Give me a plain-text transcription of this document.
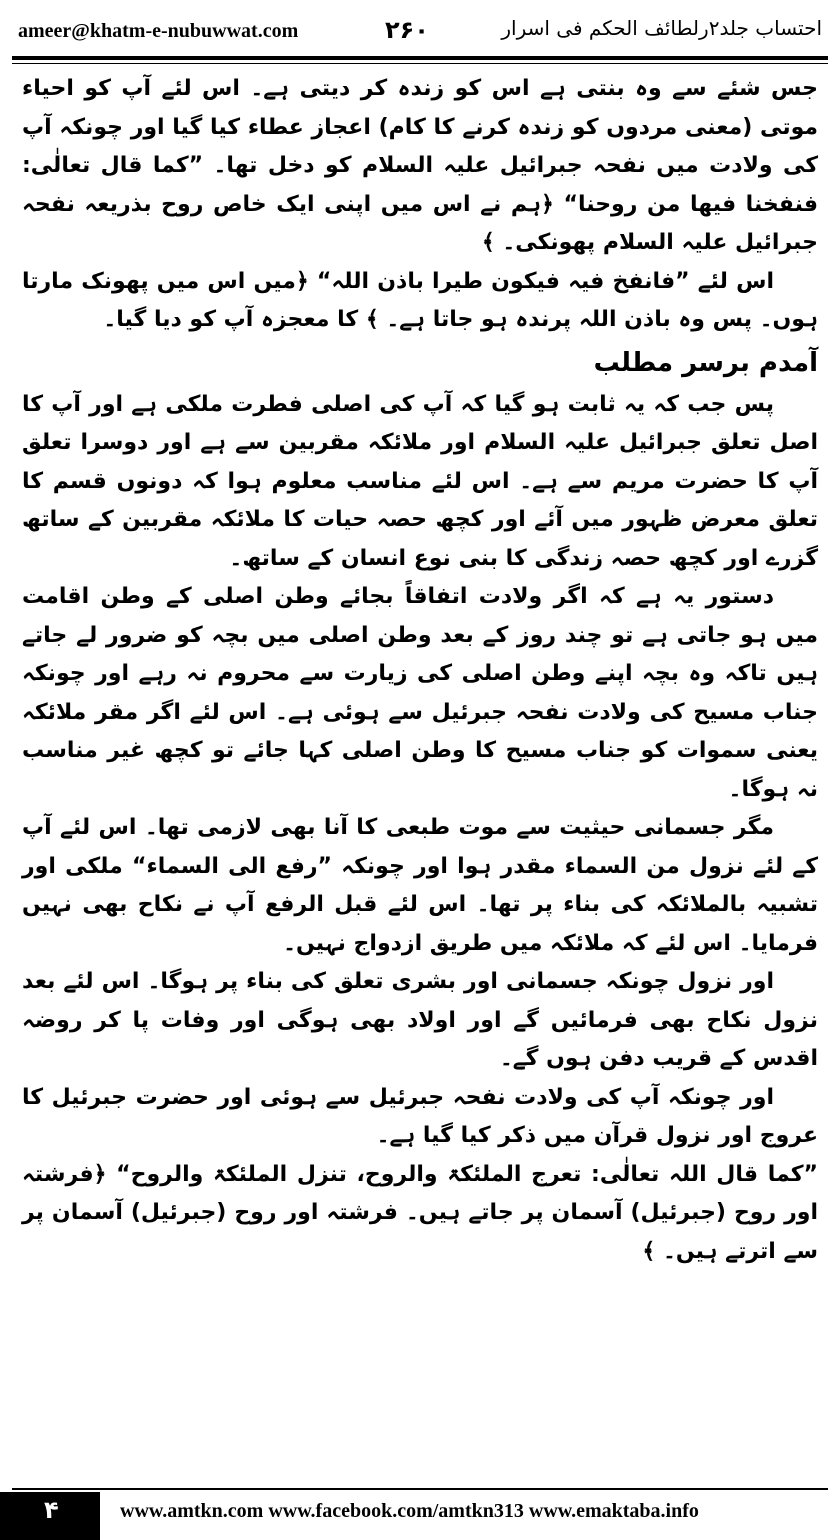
ameer@khatm-e-nubuwwat.com	۲۶۰	احتساب جلد۲رلطائف الحکم فی اسرار

جس شئے سے وہ بنتی ہے اس کو زندہ کر دیتی ہے۔ اس لئے آپ کو احیاء موتی (معنی مردوں کو زندہ کرنے کا کام) اعجاز عطاء کیا گیا اور چونکہ آپ کی ولادت میں نفحہ جبرائیل علیہ السلام کو دخل تھا۔ ”کما قال تعالٰی: فنفخنا فیھا من روحنا“ ﴿ہم نے اس میں اپنی ایک خاص روح بذریعہ نفحہ جبرائیل علیہ السلام پھونکی۔ ﴾

اس لئے ”فانفخ فیہ فیکون طیرا باذن اللہ“ ﴿میں اس میں پھونک مارتا ہوں۔ پس وہ باذن اللہ پرندہ ہو جاتا ہے۔ ﴾ کا معجزہ آپ کو دیا گیا۔

آمدم برسر مطلب

پس جب کہ یہ ثابت ہو گیا کہ آپ کی اصلی فطرت ملکی ہے اور آپ کا اصل تعلق جبرائیل علیہ السلام اور ملائکہ مقربین سے ہے اور دوسرا تعلق آپ کا حضرت مریم سے ہے۔ اس لئے مناسب معلوم ہوا کہ دونوں قسم کا تعلق معرض ظہور میں آئے اور کچھ حصہ حیات کا ملائکہ مقربین کے ساتھ گزرے اور کچھ حصہ زندگی کا بنی نوع انسان کے ساتھ۔

دستور یہ ہے کہ اگر ولادت اتفاقاً بجائے وطن اصلی کے وطن اقامت میں ہو جاتی ہے تو چند روز کے بعد وطن اصلی میں بچہ کو ضرور لے جاتے ہیں تاکہ وہ بچہ اپنے وطن اصلی کی زیارت سے محروم نہ رہے اور چونکہ جناب مسیح کی ولادت نفحہ جبرئیل سے ہوئی ہے۔ اس لئے اگر مقر ملائکہ یعنی سموات کو جناب مسیح کا وطن اصلی کہا جائے تو کچھ غیر مناسب نہ ہوگا۔

مگر جسمانی حیثیت سے موت طبعی کا آنا بھی لازمی تھا۔ اس لئے آپ کے لئے نزول من السماء مقدر ہوا اور چونکہ ”رفع الی السماء“ ملکی اور تشبیہ بالملائکہ کی بناء پر تھا۔ اس لئے قبل الرفع آپ نے نکاح بھی نہیں فرمایا۔ اس لئے کہ ملائکہ میں طریق ازدواج نہیں۔

اور نزول چونکہ جسمانی اور بشری تعلق کی بناء پر ہوگا۔ اس لئے بعد نزول نکاح بھی فرمائیں گے اور اولاد بھی ہوگی اور وفات پا کر روضہ اقدس کے قریب دفن ہوں گے۔

اور چونکہ آپ کی ولادت نفحہ جبرئیل سے ہوئی اور حضرت جبرئیل کا عروج اور نزول قرآن میں ذکر کیا گیا ہے۔

”کما قال اللہ تعالٰی: تعرج الملئکۃ والروح، تنزل الملئکۃ والروح“ ﴿فرشتہ اور روح (جبرئیل) آسمان پر جاتے ہیں۔ فرشتہ اور روح (جبرئیل) آسمان پر سے اترتے ہیں۔ ﴾

۴	www.amtkn.com www.facebook.com/amtkn313 www.emaktaba.info
